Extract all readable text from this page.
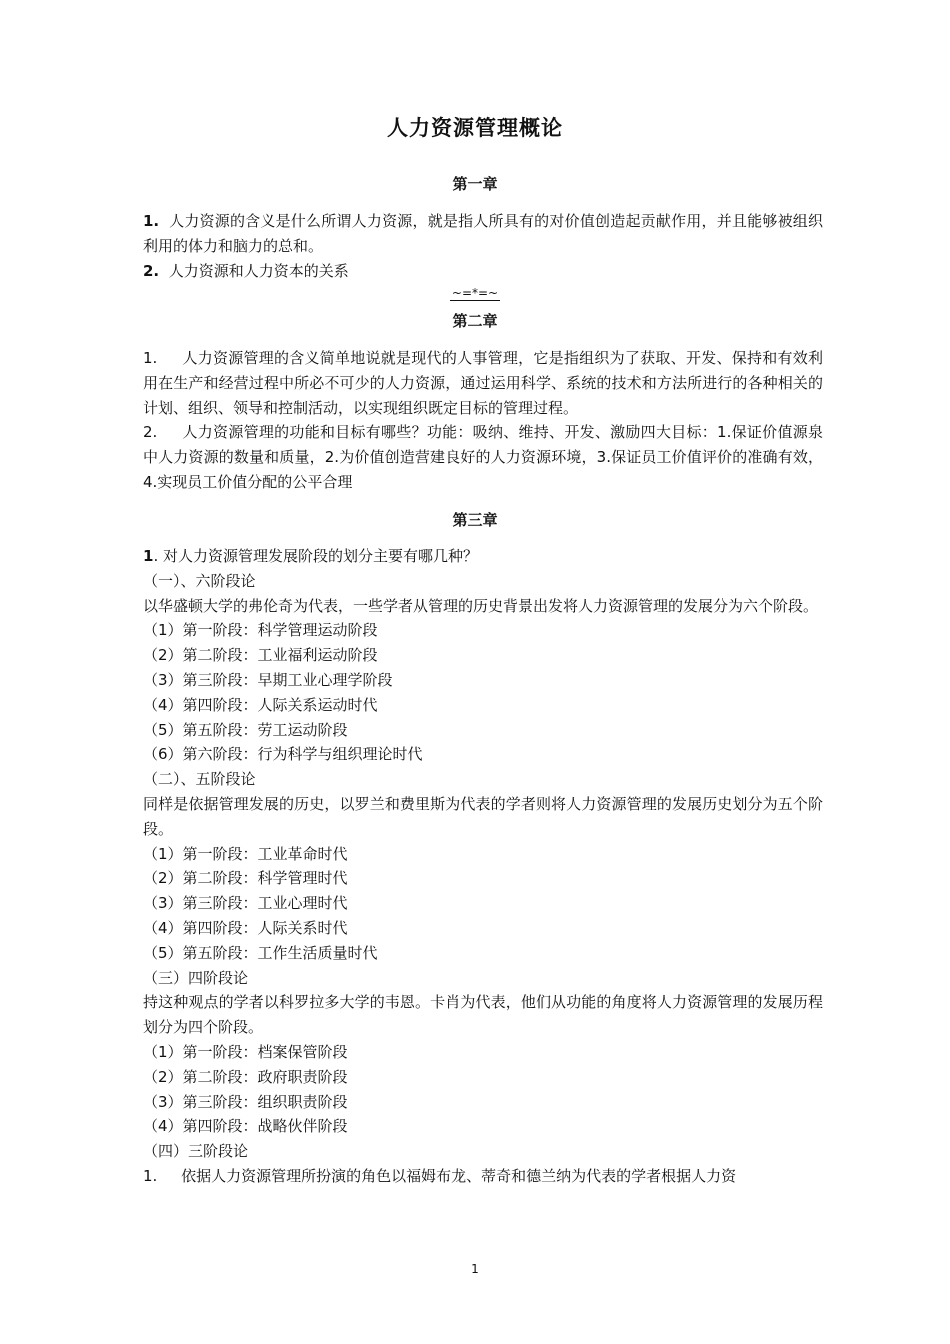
人力资源管理概论
第一章

1. 人力资源的含义是什么所谓人力资源，就是指人所具有的对价值创造起贡献作用，并且能够被组织利用的体力和脑力的总和。

2. 人力资源和人力资本的关系

~=*=~
第二章

1. 人力资源管理的含义简单地说就是现代的人事管理，它是指组织为了获取、开发、保持和有效利用在生产和经营过程中所必不可少的人力资源，通过运用科学、系统的技术和方法所进行的各种相关的计划、组织、领导和控制活动，以实现组织既定目标的管理过程。

2. 人力资源管理的功能和目标有哪些？功能：吸纳、维持、开发、激励四大目标：1.保证价值源泉中人力资源的数量和质量，2.为价值创造营建良好的人力资源环境，3.保证员工价值评价的准确有效，4.实现员工价值分配的公平合理

第三章

1. 对人力资源管理发展阶段的划分主要有哪几种？

（一）、六阶段论

以华盛顿大学的弗伦奇为代表，一些学者从管理的历史背景出发将人力资源管理的发展分为六个阶段。

（1）第一阶段：科学管理运动阶段

（2）第二阶段：工业福利运动阶段

（3）第三阶段：早期工业心理学阶段

（4）第四阶段：人际关系运动时代

（5）第五阶段：劳工运动阶段

（6）第六阶段：行为科学与组织理论时代

（二）、五阶段论

同样是依据管理发展的历史，以罗兰和费里斯为代表的学者则将人力资源管理的发展历史划分为五个阶段。

（1）第一阶段：工业革命时代

（2）第二阶段：科学管理时代

（3）第三阶段：工业心理时代

（4）第四阶段：人际关系时代

（5）第五阶段：工作生活质量时代

（三）四阶段论

持这种观点的学者以科罗拉多大学的韦恩。卡肖为代表，他们从功能的角度将人力资源管理的发展历程划分为四个阶段。

（1）第一阶段：档案保管阶段

（2）第二阶段：政府职责阶段

（3）第三阶段：组织职责阶段

（4）第四阶段：战略伙伴阶段

（四）三阶段论

1. 依据人力资源管理所扮演的角色以福姆布龙、蒂奇和德兰纳为代表的学者根据人力资

1
